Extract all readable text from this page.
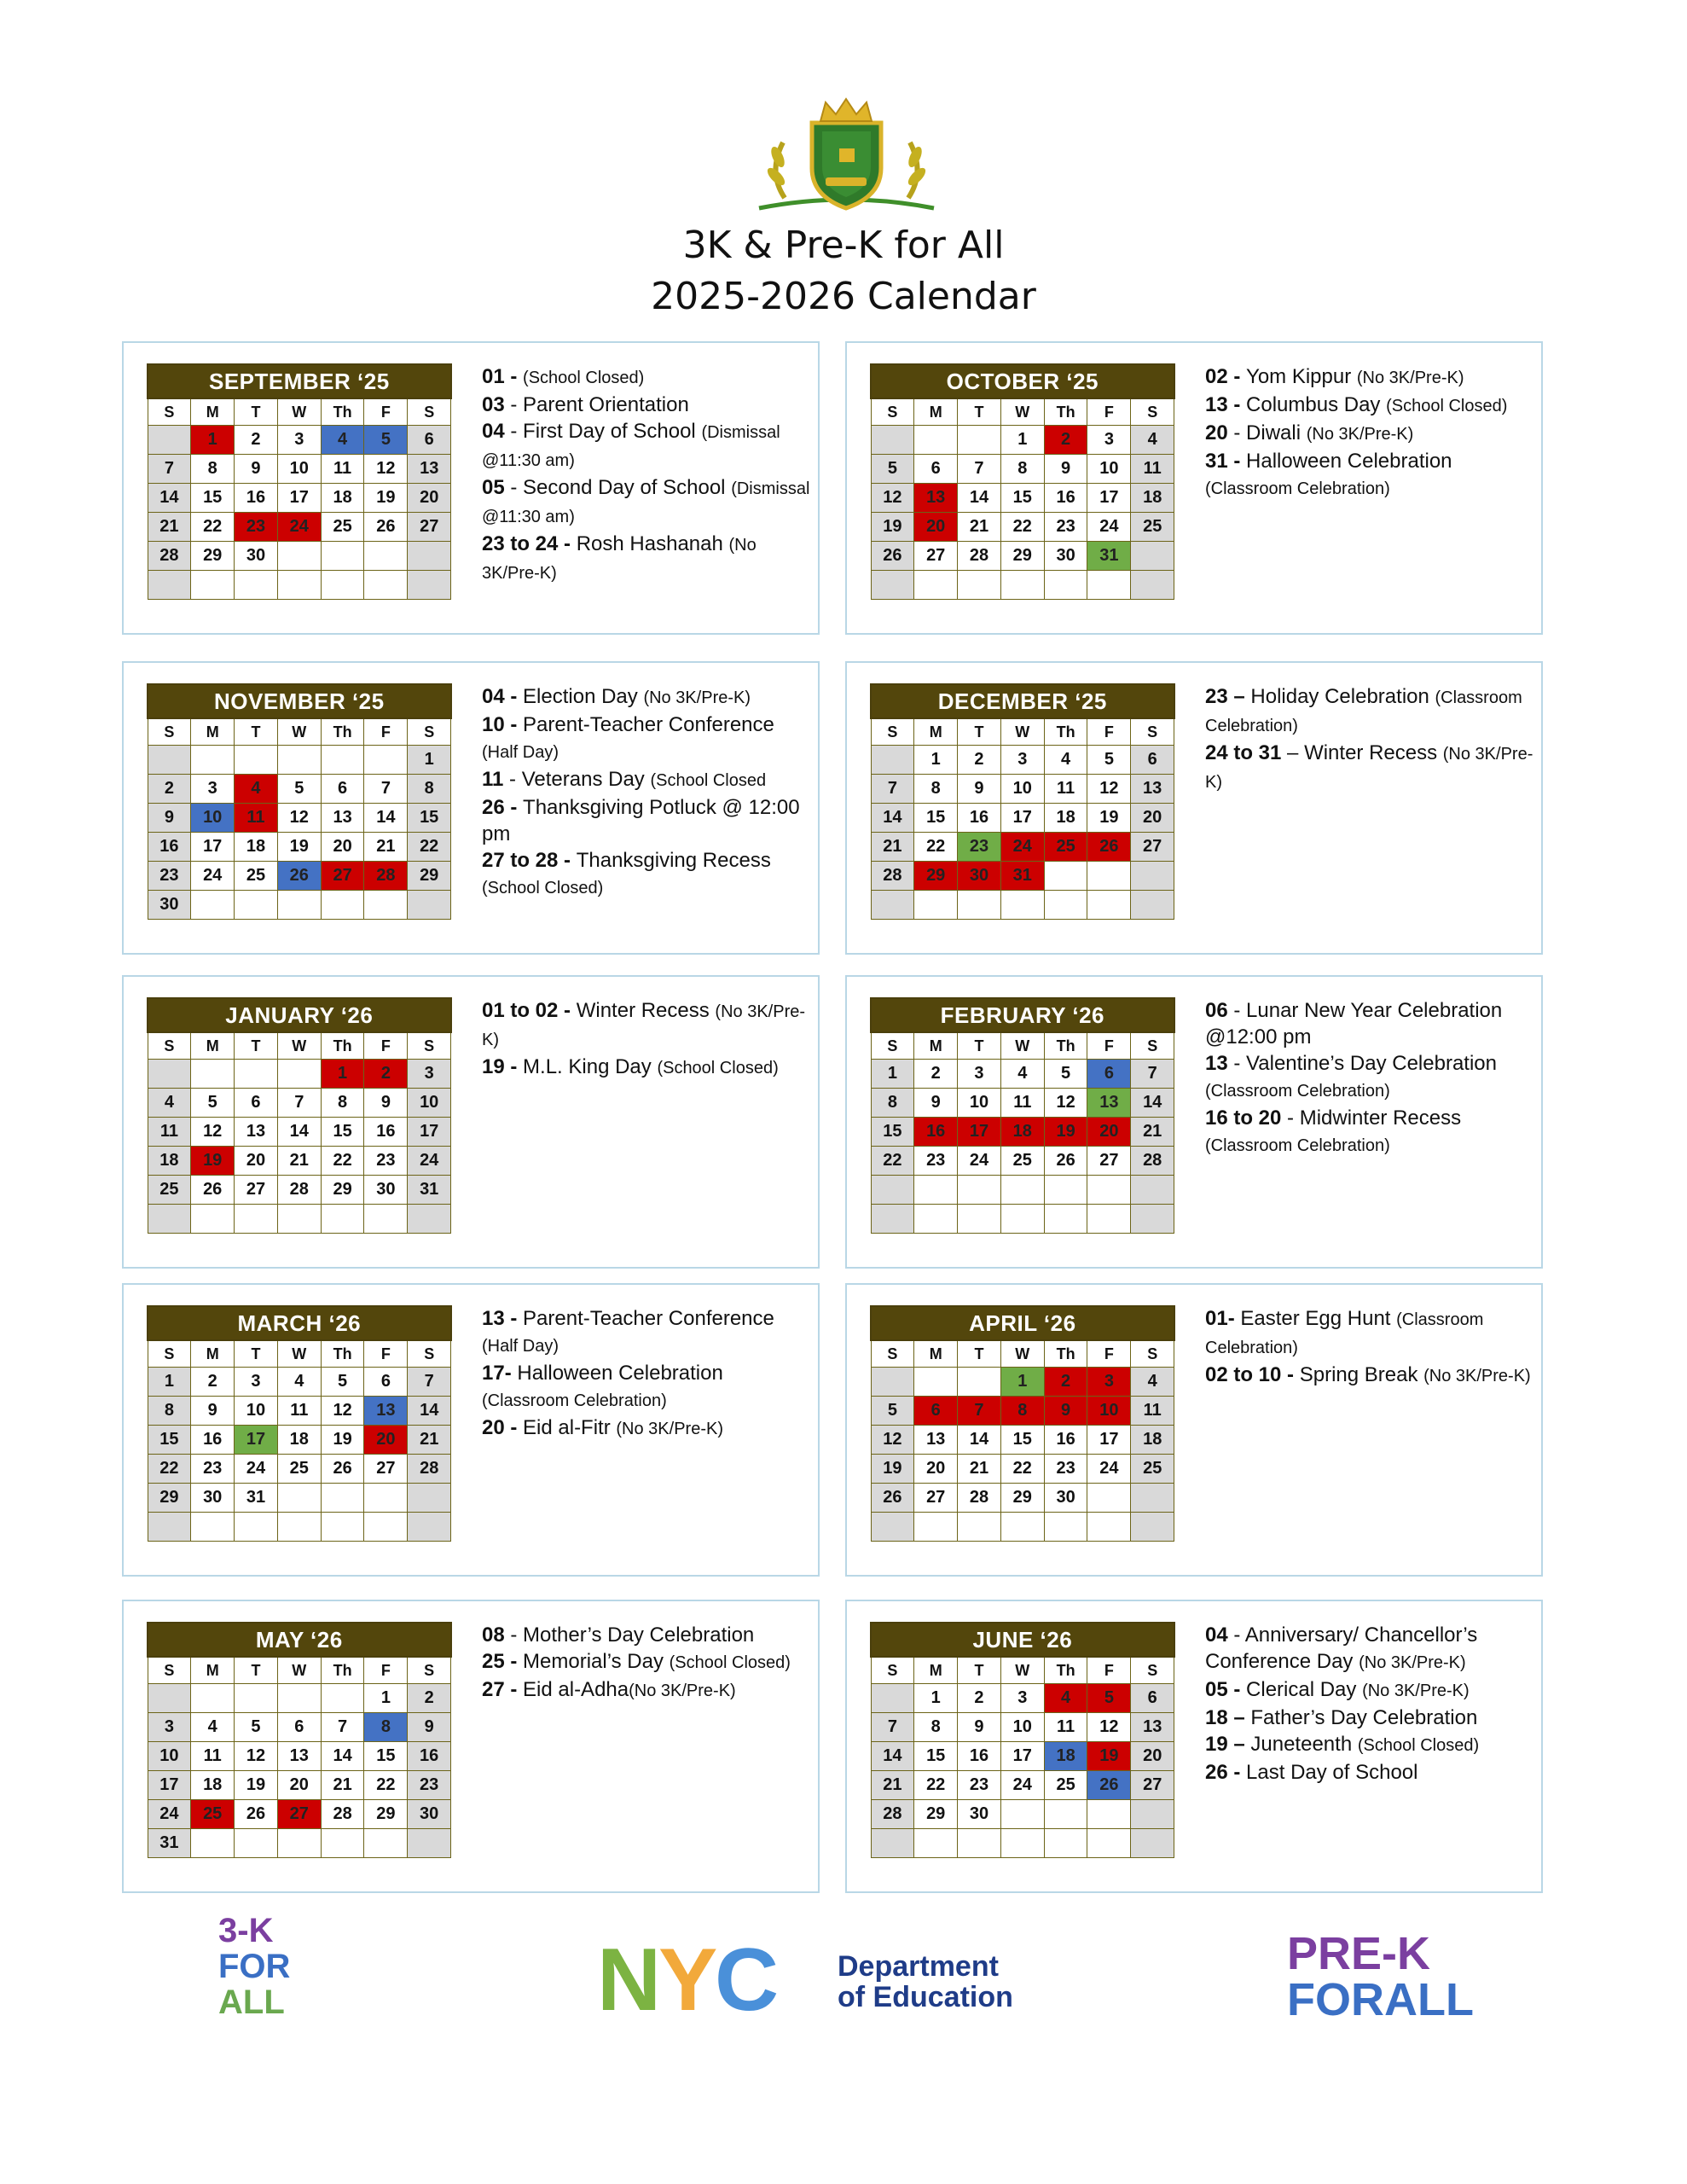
3K & Pre-K for All
2025-2026 Calendar
SEPTEMBER ‘25						
S	M	T	W	Th	F	S
	1	2	3	4	5	6
7	8	9	10	11	12	13
14	15	16	17	18	19	20
21	22	23	24	25	26	27
28	29	30				

01 - (School Closed)
03 - Parent Orientation
04 - First Day of School (Dismissal @11:30 am)
05 - Second Day of School (Dismissal @11:30 am)
23 to 24 - Rosh Hashanah (No 3K/Pre-K)
OCTOBER ‘25						
S	M	T	W	Th	F	S
			1	2	3	4
5	6	7	8	9	10	11
12	13	14	15	16	17	18
19	20	21	22	23	24	25
26	27	28	29	30	31	

02 - Yom Kippur (No 3K/Pre-K)
13 - Columbus Day (School Closed)
20 - Diwali (No 3K/Pre-K)
31 - Halloween Celebration (Classroom Celebration)
NOVEMBER ‘25						
S	M	T	W	Th	F	S
						1
2	3	4	5	6	7	8
9	10	11	12	13	14	15
16	17	18	19	20	21	22
23	24	25	26	27	28	29
30						
04 - Election Day (No 3K/Pre-K)
10 - Parent-Teacher Conference (Half Day)
11 - Veterans Day (School Closed
26 - Thanksgiving Potluck @ 12:00 pm
27 to 28 - Thanksgiving Recess (School Closed)
DECEMBER ‘25						
S	M	T	W	Th	F	S
	1	2	3	4	5	6
7	8	9	10	11	12	13
14	15	16	17	18	19	20
21	22	23	24	25	26	27
28	29	30	31			

23 – Holiday Celebration (Classroom Celebration)
24 to 31 – Winter Recess (No 3K/Pre-K)
JANUARY ‘26						
S	M	T	W	Th	F	S
				1	2	3
4	5	6	7	8	9	10
11	12	13	14	15	16	17
18	19	20	21	22	23	24
25	26	27	28	29	30	31

01 to 02 - Winter Recess (No 3K/Pre-K)
19 - M.L. King Day (School Closed)
FEBRUARY ‘26						
S	M	T	W	Th	F	S
1	2	3	4	5	6	7
8	9	10	11	12	13	14
15	16	17	18	19	20	21
22	23	24	25	26	27	28

06 - Lunar New Year Celebration @12:00 pm
13 - Valentine’s Day Celebration (Classroom Celebration)
16 to 20 - Midwinter Recess (Classroom Celebration)
MARCH ‘26						
S	M	T	W	Th	F	S
1	2	3	4	5	6	7
8	9	10	11	12	13	14
15	16	17	18	19	20	21
22	23	24	25	26	27	28
29	30	31				

13 - Parent-Teacher Conference (Half Day)
17- Halloween Celebration (Classroom Celebration)
20 - Eid al-Fitr (No 3K/Pre-K)
APRIL ‘26						
S	M	T	W	Th	F	S
			1	2	3	4
5	6	7	8	9	10	11
12	13	14	15	16	17	18
19	20	21	22	23	24	25
26	27	28	29	30		

01- Easter Egg Hunt (Classroom Celebration)
02 to 10 - Spring Break (No 3K/Pre-K)
MAY ‘26						
S	M	T	W	Th	F	S
					1	2
3	4	5	6	7	8	9
10	11	12	13	14	15	16
17	18	19	20	21	22	23
24	25	26	27	28	29	30
31						
08 - Mother’s Day Celebration
25 - Memorial’s Day (School Closed)
27 - Eid al-Adha(No 3K/Pre-K)
JUNE ‘26						
S	M	T	W	Th	F	S
	1	2	3	4	5	6
7	8	9	10	11	12	13
14	15	16	17	18	19	20
21	22	23	24	25	26	27
28	29	30				

04 - Anniversary/ Chancellor’s Conference Day (No 3K/Pre-K)
05 - Clerical Day (No 3K/Pre-K)
18 – Father’s Day Celebration
19 – Juneteenth (School Closed)
26 - Last Day of School
3-K
FOR
ALL	N
Y
C Department
of Education
PRE-K
FORALL
